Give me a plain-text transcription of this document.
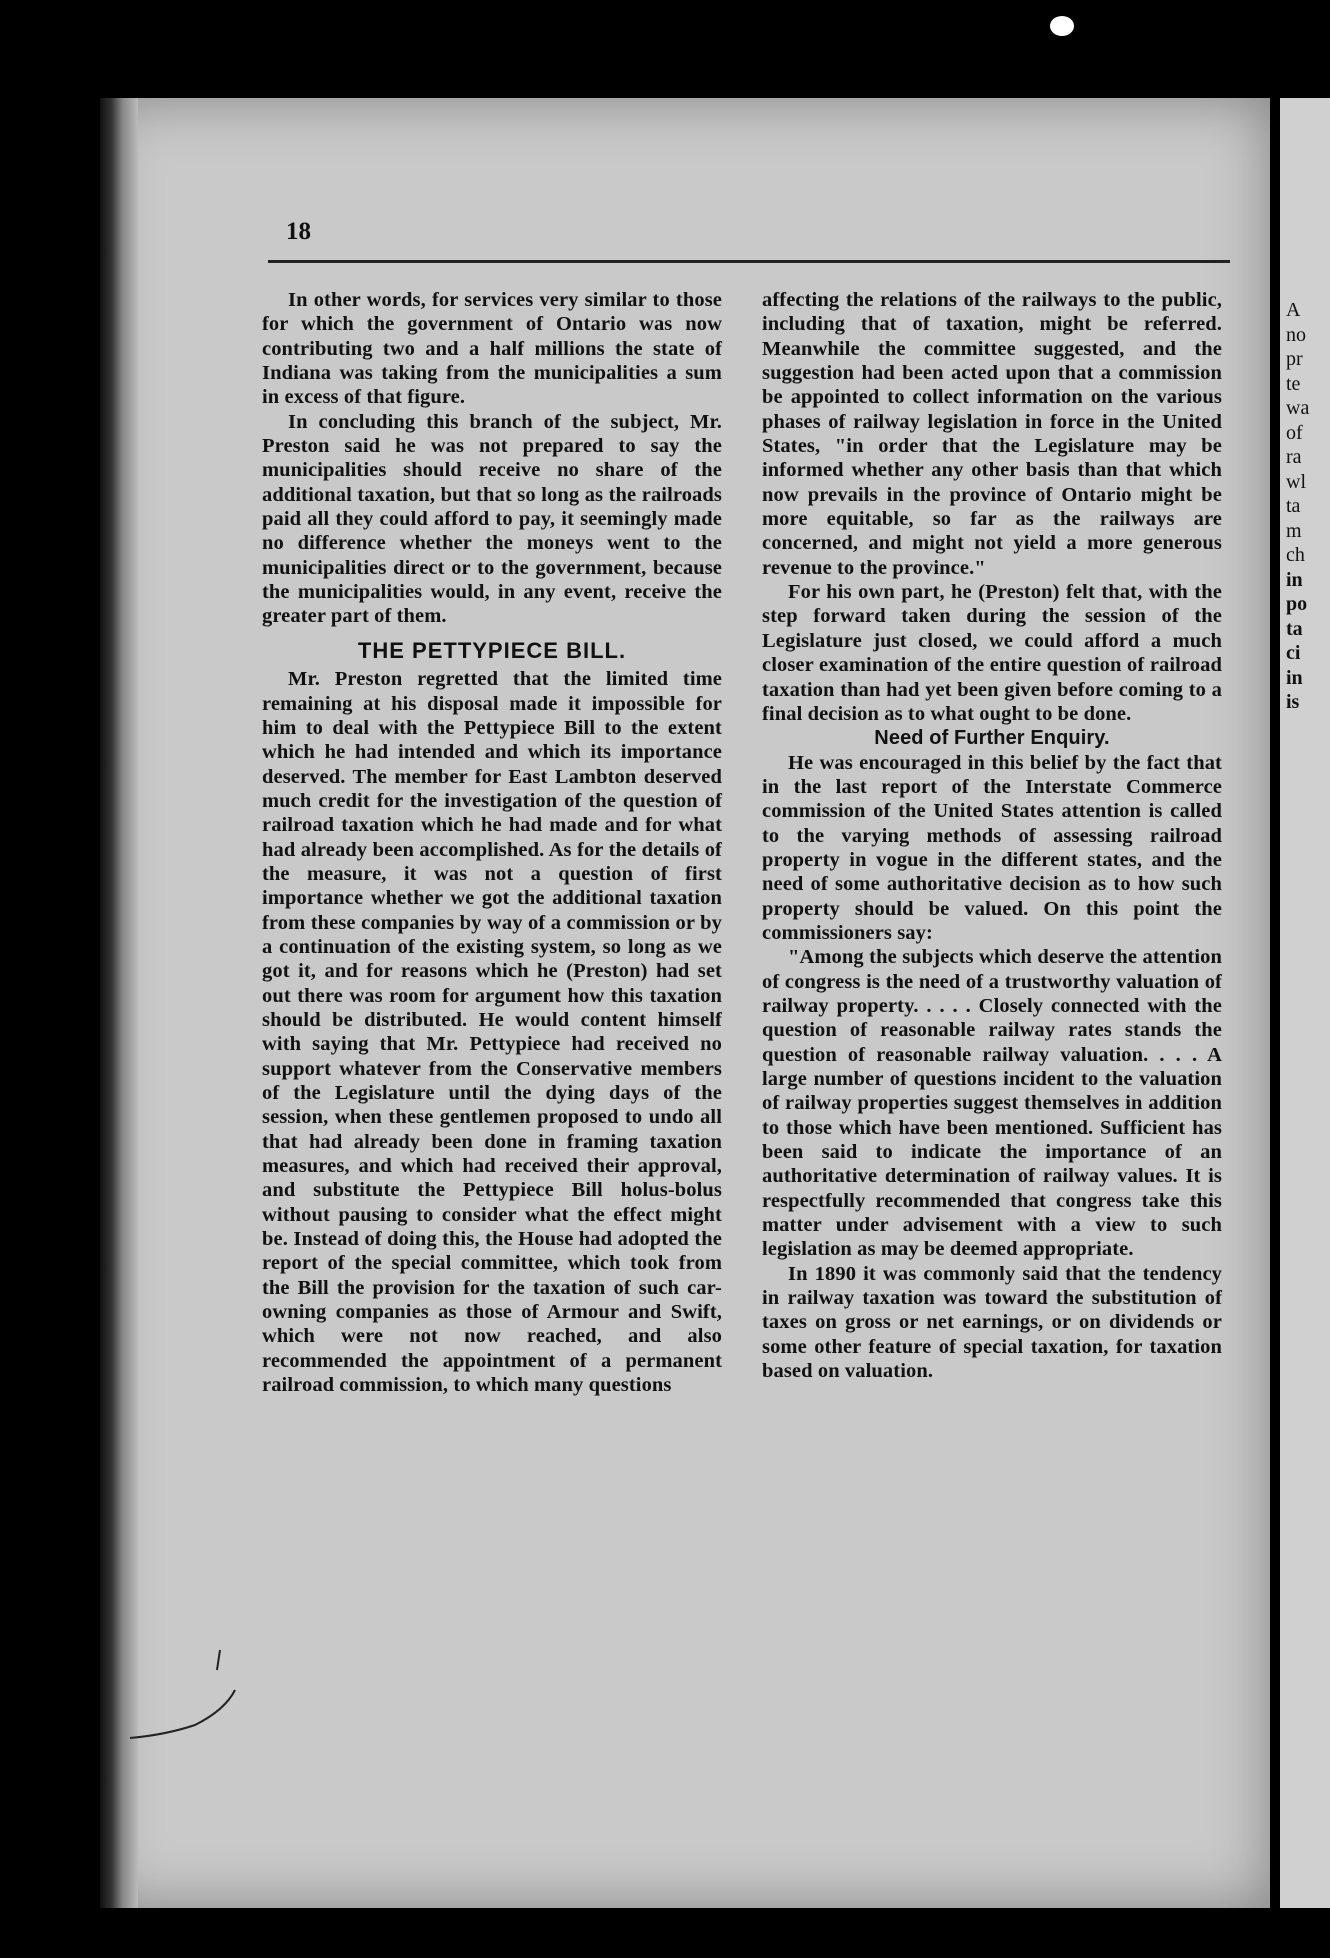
A
no
pr
te
wa
of
ra
wl
ta
m
ch
in
po
ta
ci
in
is
18

In other words, for services very similar to those for which the government of Ontario was now contributing two and a half millions the state of Indiana was taking from the municipalities a sum in excess of that figure.

In concluding this branch of the subject, Mr. Preston said he was not prepared to say the municipalities should receive no share of the additional taxation, but that so long as the railroads paid all they could afford to pay, it seemingly made no difference whether the moneys went to the municipalities direct or to the government, because the municipalities would, in any event, receive the greater part of them.

THE PETTYPIECE BILL.

Mr. Preston regretted that the limited time remaining at his disposal made it impossible for him to deal with the Pettypiece Bill to the extent which he had intended and which its importance deserved. The member for East Lambton deserved much credit for the investigation of the question of railroad taxation which he had made and for what had already been accomplished. As for the details of the measure, it was not a question of first importance whether we got the additional taxation from these companies by way of a commission or by a continuation of the existing system, so long as we got it, and for reasons which he (Preston) had set out there was room for argument how this taxation should be distributed. He would content himself with saying that Mr. Pettypiece had received no support whatever from the Conservative members of the Legislature until the dying days of the session, when these gentlemen proposed to undo all that had already been done in framing taxation measures, and which had received their approval, and substitute the Pettypiece Bill holus-bolus without pausing to consider what the effect might be. Instead of doing this, the House had adopted the report of the special committee, which took from the Bill the provision for the taxation of such car-owning companies as those of Armour and Swift, which were not now reached, and also recommended the appointment of a permanent railroad commission, to which many questions

affecting the relations of the railways to the public, including that of taxation, might be referred. Meanwhile the committee suggested, and the suggestion had been acted upon that a commission be appointed to collect information on the various phases of railway legislation in force in the United States, "in order that the Legislature may be informed whether any other basis than that which now prevails in the province of Ontario might be more equitable, so far as the railways are concerned, and might not yield a more generous revenue to the province."

For his own part, he (Preston) felt that, with the step forward taken during the session of the Legislature just closed, we could afford a much closer examination of the entire question of railroad taxation than had yet been given before coming to a final decision as to what ought to be done.

Need of Further Enquiry.

He was encouraged in this belief by the fact that in the last report of the Interstate Commerce commission of the United States attention is called to the varying methods of assessing railroad property in vogue in the different states, and the need of some authoritative decision as to how such property should be valued. On this point the commissioners say:

"Among the subjects which deserve the attention of congress is the need of a trustworthy valuation of railway property. . . . . Closely connected with the question of reasonable railway rates stands the question of reasonable railway valuation. . . . A large number of questions incident to the valuation of railway properties suggest themselves in addition to those which have been mentioned. Sufficient has been said to indicate the importance of an authoritative determination of railway values. It is respectfully recommended that congress take this matter under advisement with a view to such legislation as may be deemed appropriate.

In 1890 it was commonly said that the tendency in railway taxation was toward the substitution of taxes on gross or net earnings, or on dividends or some other feature of special taxation, for taxation based on valuation.
